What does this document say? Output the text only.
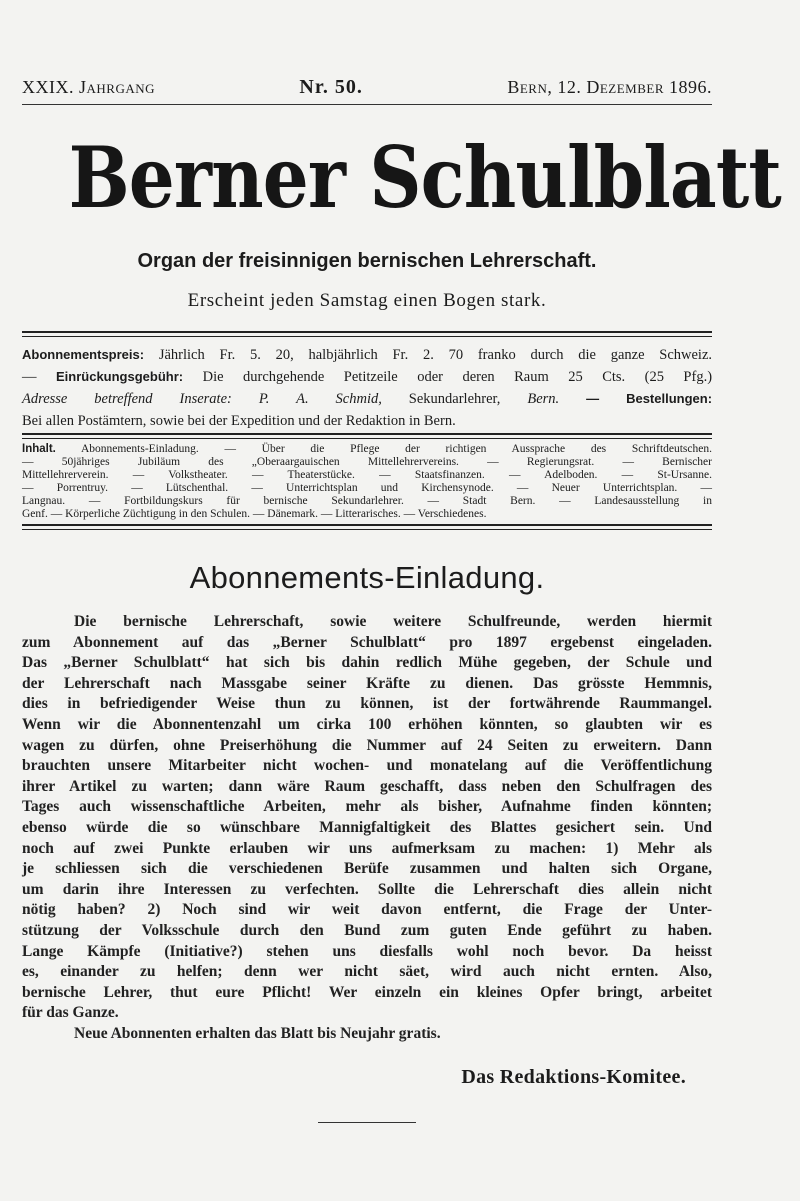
XXIX. Jahrgang	Nr. 50.	Bern, 12. Dezember 1896.
Berner Schulblatt
Organ der freisinnigen bernischen Lehrerschaft.
Erscheint jeden Samstag einen Bogen stark.
Abonnementspreis: Jährlich Fr. 5. 20, halbjährlich Fr. 2. 70 franko durch die ganze Schweiz.
— Einrückungsgebühr: Die durchgehende Petitzeile oder deren Raum 25 Cts. (25 Pfg.)
Adresse betreffend Inserate: P. A. Schmid, Sekundarlehrer, Bern. — Bestellungen:
Bei allen Postämtern, sowie bei der Expedition und der Redaktion in Bern.
Inhalt. Abonnements-Einladung. — Über die Pflege der richtigen Aussprache des Schriftdeutschen.
— 50jähriges Jubiläum des „Oberaargauischen Mittellehrervereins. — Regierungsrat. — Bernischer
Mittellehrerverein. — Volkstheater. — Theaterstücke. — Staatsfinanzen. — Adelboden. — St-Ursanne.
— Porrentruy. — Lütschenthal. — Unterrichtsplan und Kirchensynode. — Neuer Unterrichtsplan. —
Langnau. — Fortbildungskurs für bernische Sekundarlehrer. — Stadt Bern. — Landesausstellung in
Genf. — Körperliche Züchtigung in den Schulen. — Dänemark. — Litterarisches. — Verschiedenes.
Abonnements-Einladung.
Die bernische Lehrerschaft, sowie weitere Schulfreunde, werden hiermit
zum Abonnement auf das „Berner Schulblatt“ pro 1897 ergebenst eingeladen.
Das „Berner Schulblatt“ hat sich bis dahin redlich Mühe gegeben, der Schule und
der Lehrerschaft nach Massgabe seiner Kräfte zu dienen. Das grösste Hemmnis,
dies in befriedigender Weise thun zu können, ist der fortwährende Raummangel.
Wenn wir die Abonnentenzahl um cirka 100 erhöhen könnten, so glaubten wir es
wagen zu dürfen, ohne Preiserhöhung die Nummer auf 24 Seiten zu erweitern. Dann
brauchten unsere Mitarbeiter nicht wochen- und monatelang auf die Veröffentlichung
ihrer Artikel zu warten; dann wäre Raum geschafft, dass neben den Schulfragen des
Tages auch wissenschaftliche Arbeiten, mehr als bisher, Aufnahme finden könnten;
ebenso würde die so wünschbare Mannigfaltigkeit des Blattes gesichert sein. Und
noch auf zwei Punkte erlauben wir uns aufmerksam zu machen: 1) Mehr als
je schliessen sich die verschiedenen Berüfe zusammen und halten sich Organe,
um darin ihre Interessen zu verfechten. Sollte die Lehrerschaft dies allein nicht
nötig haben? 2) Noch sind wir weit davon entfernt, die Frage der Unter-
stützung der Volksschule durch den Bund zum guten Ende geführt zu haben.
Lange Kämpfe (Initiative?) stehen uns diesfalls wohl noch bevor. Da heisst
es, einander zu helfen; denn wer nicht säet, wird auch nicht ernten. Also,
bernische Lehrer, thut eure Pflicht! Wer einzeln ein kleines Opfer bringt, arbeitet
für das Ganze.
Neue Abonnenten erhalten das Blatt bis Neujahr gratis.
Das Redaktions-Komitee.
